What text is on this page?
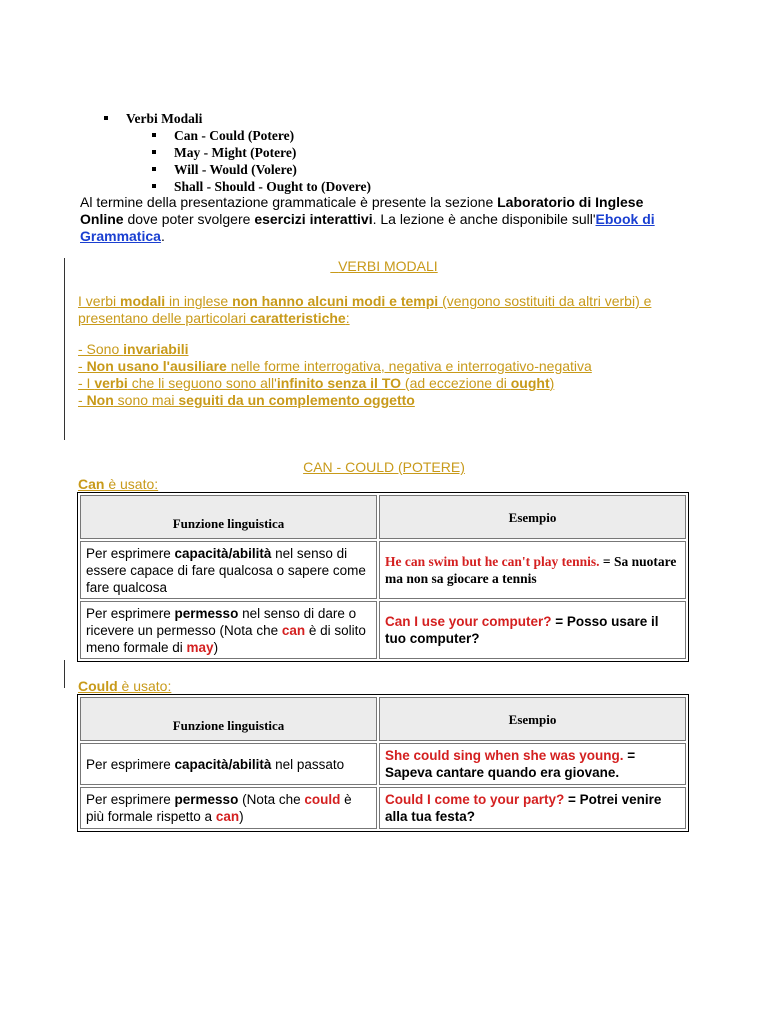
Verbi Modali
Can - Could (Potere)
May - Might (Potere)
Will - Would (Volere)
Shall - Should - Ought to (Dovere)
Al termine della presentazione grammaticale è presente la sezione Laboratorio di Inglese Online dove poter svolgere esercizi interattivi. La lezione è anche disponibile sull'Ebook di Grammatica.
VERBI MODALI
I verbi modali in inglese non hanno alcuni modi e tempi (vengono sostituiti da altri verbi) e presentano delle particolari caratteristiche:
- Sono invariabili
- Non usano l'ausiliare nelle forme interrogativa, negativa e interrogativo-negativa
- I verbi che li seguono sono all'infinito senza il TO (ad eccezione di ought)
- Non sono mai seguiti da un complemento oggetto
CAN - COULD (POTERE)
Can è usato:
Funzione linguistica	Esempio
Per esprimere capacità/abilità nel senso di essere capace di fare qualcosa o sapere come fare qualcosa	He can swim but he can't play tennis. = Sa nuotare ma non sa giocare a tennis
Per esprimere permesso nel senso di dare o ricevere un permesso (Nota che can è di solito meno formale di may)	Can I use your computer? = Posso usare il tuo computer?
Could è usato:
Funzione linguistica	Esempio
Per esprimere capacità/abilità nel passato	She could sing when she was young. = Sapeva cantare quando era giovane.
Per esprimere permesso (Nota che could è più formale rispetto a can)	Could I come to your party? = Potrei venire alla tua festa?
